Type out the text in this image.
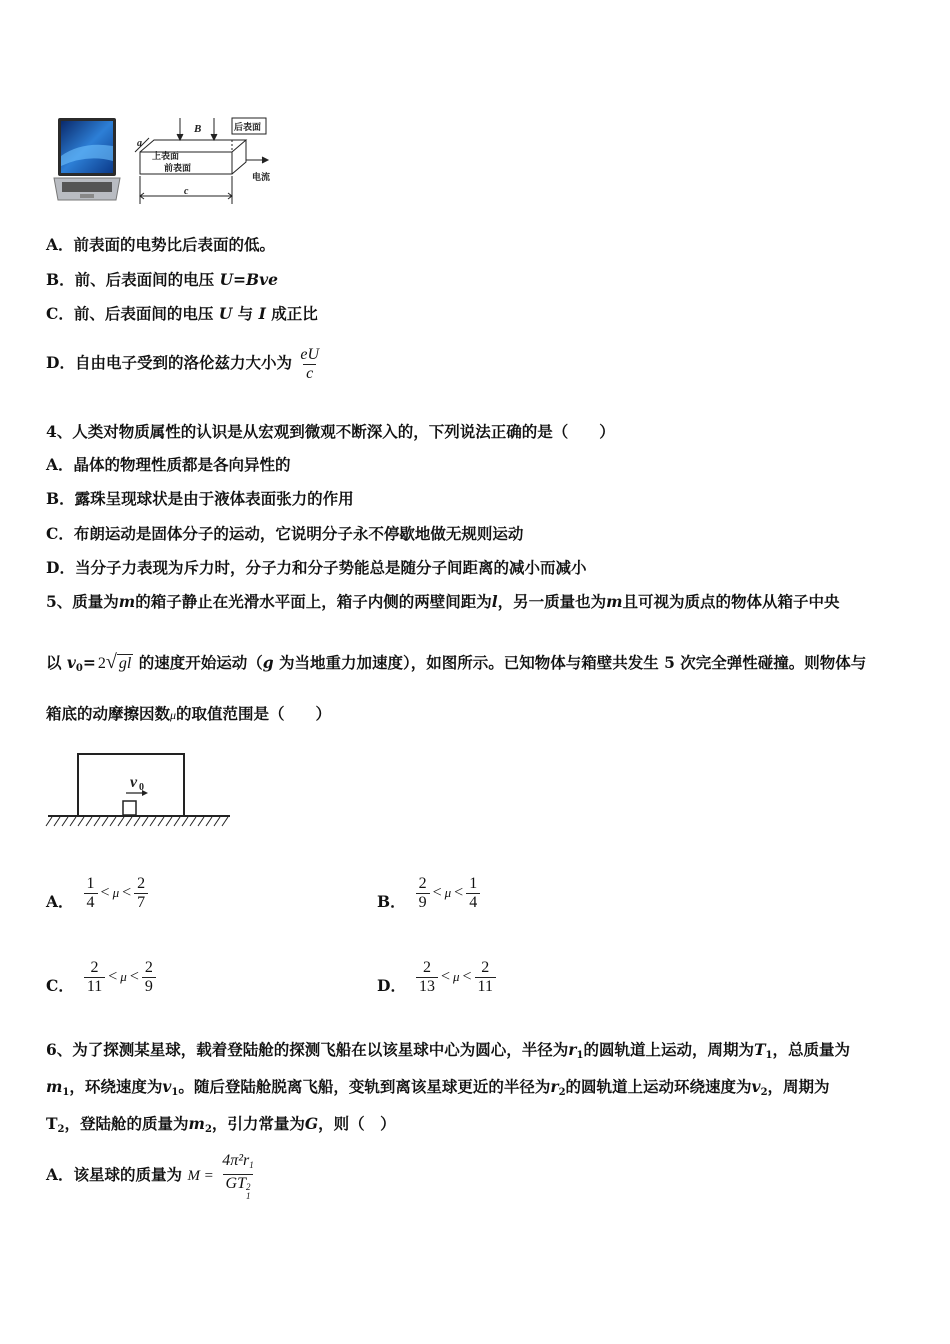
B	后表面
a
上表面
前表面
电流
c
A．前表面的电势比后表面的低。
B．前、后表面间的电压 U=Bve
C．前、后表面间的电压 U 与 I 成正比
D．自由电子受到的洛伦兹力大小为 $\frac{eU}{c}$
4、人类对物质属性的认识是从宏观到微观不断深入的，下列说法正确的是（　　）
A．晶体的物理性质都是各向异性的
B．露珠呈现球状是由于液体表面张力的作用
C．布朗运动是固体分子的运动，它说明分子永不停歇地做无规则运动
D．当分子力表现为斥力时，分子力和分子势能总是随分子间距离的减小而减小
5、质量为m的箱子静止在光滑水平面上，箱子内侧的两壁间距为l，另一质量也为m且可视为质点的物体从箱子中央
以 $v_0= 2√$ gl 的速度开始运动（g 为当地重力加速度），如图所示。已知物体与箱壁共发生 5 次完全弹性碰撞。则物体与
箱底的动摩擦因数μ的取值范围是（　　）
v 0
A． $\frac{1}{4} < \mu < \frac{2}{7}$	B． $\frac{2}{9} < \mu < \frac{1}{4}$
C． $\frac{2}{11} < \mu < \frac{2}{9}$	D． $\frac{2}{13} < \mu < \frac{2}{11}$
6、为了探测某星球，载着登陆舱的探测飞船在以该星球中心为圆心，半径为$r_1$的圆轨道上运动，周期为$T_1$，总质量为
$m_1$，环绕速度为$v_1$。随后登陆舱脱离飞船，变轨到离该星球更近的半径为$r_2$的圆轨道上运动环绕速度为$v_2$，周期为
$T_2$，登陆舱的质量为$m_2$，引力常量为G，则（　）
A．该星球的质量为 M = 4π²r1
GT 2
1
